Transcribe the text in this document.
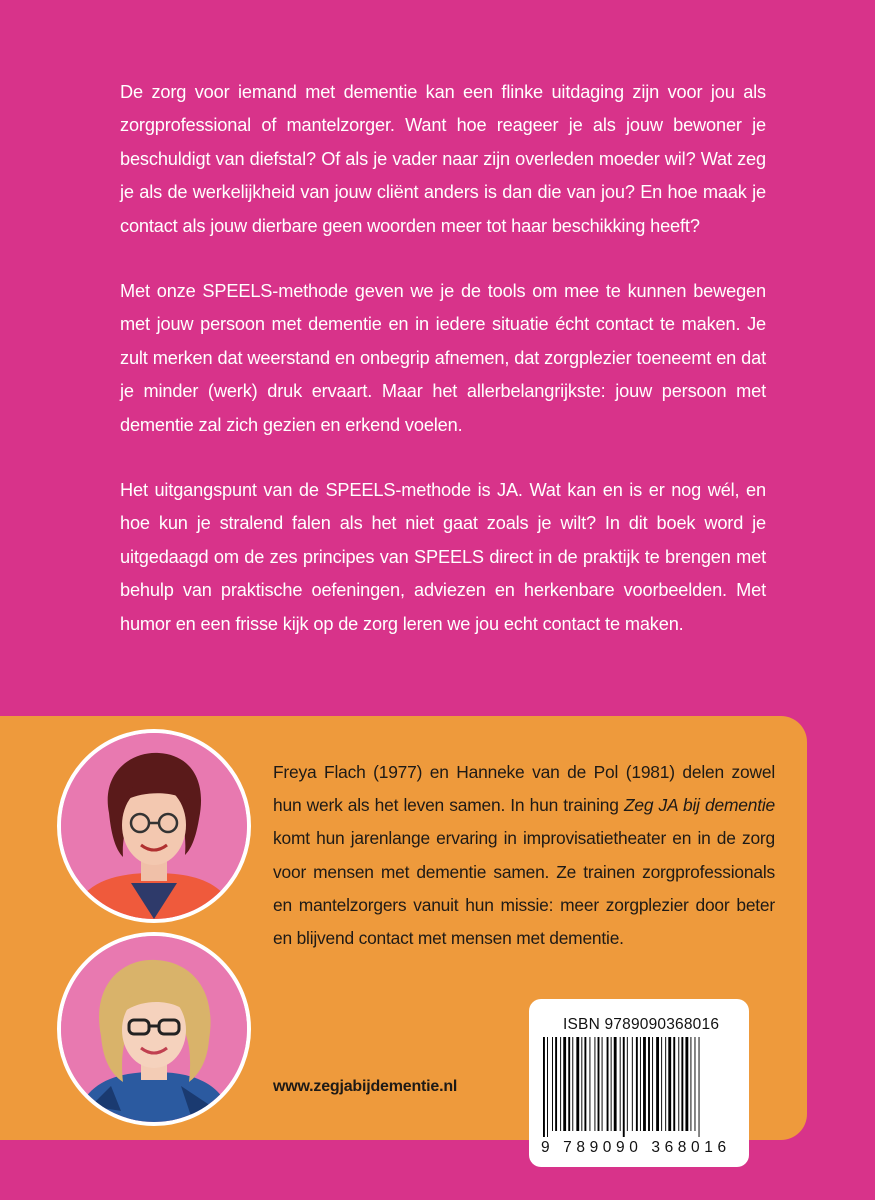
De zorg voor iemand met dementie kan een flinke uitdaging zijn voor jou als zorgprofessional of mantelzorger. Want hoe reageer je als jouw bewoner je beschuldigt van diefstal? Of als je vader naar zijn overleden moeder wil? Wat zeg je als de werkelijkheid van jouw cliënt anders is dan die van jou? En hoe maak je contact als jouw dierbare geen woorden meer tot haar beschikking heeft?

Met onze SPEELS-methode geven we je de tools om mee te kunnen bewegen met jouw persoon met dementie en in iedere situatie écht contact te maken. Je zult merken dat weerstand en onbegrip afnemen, dat zorgplezier toeneemt en dat je minder (werk) druk ervaart. Maar het allerbelangrijkste: jouw persoon met dementie zal zich gezien en erkend voelen.

Het uitgangspunt van de SPEELS-methode is JA. Wat kan en is er nog wél, en hoe kun je stralend falen als het niet gaat zoals je wilt? In dit boek word je uitgedaagd om de zes principes van SPEELS direct in de praktijk te brengen met behulp van praktische oefeningen, adviezen en herkenbare voorbeelden. Met humor en een frisse kijk op de zorg leren we jou echt contact te maken.

Freya Flach (1977) en Hanneke van de Pol (1981) delen zowel hun werk als het leven samen. In hun training Zeg JA bij dementie komt hun jarenlange ervaring in improvisatietheater en in de zorg voor mensen met dementie samen. Ze trainen zorgprofessionals en mantelzorgers vanuit hun missie: meer zorgplezier door beter en blijvend contact met mensen met dementie.

www.zegjabijdementie.nl
ISBN 9789090368016
9 789090 368016
